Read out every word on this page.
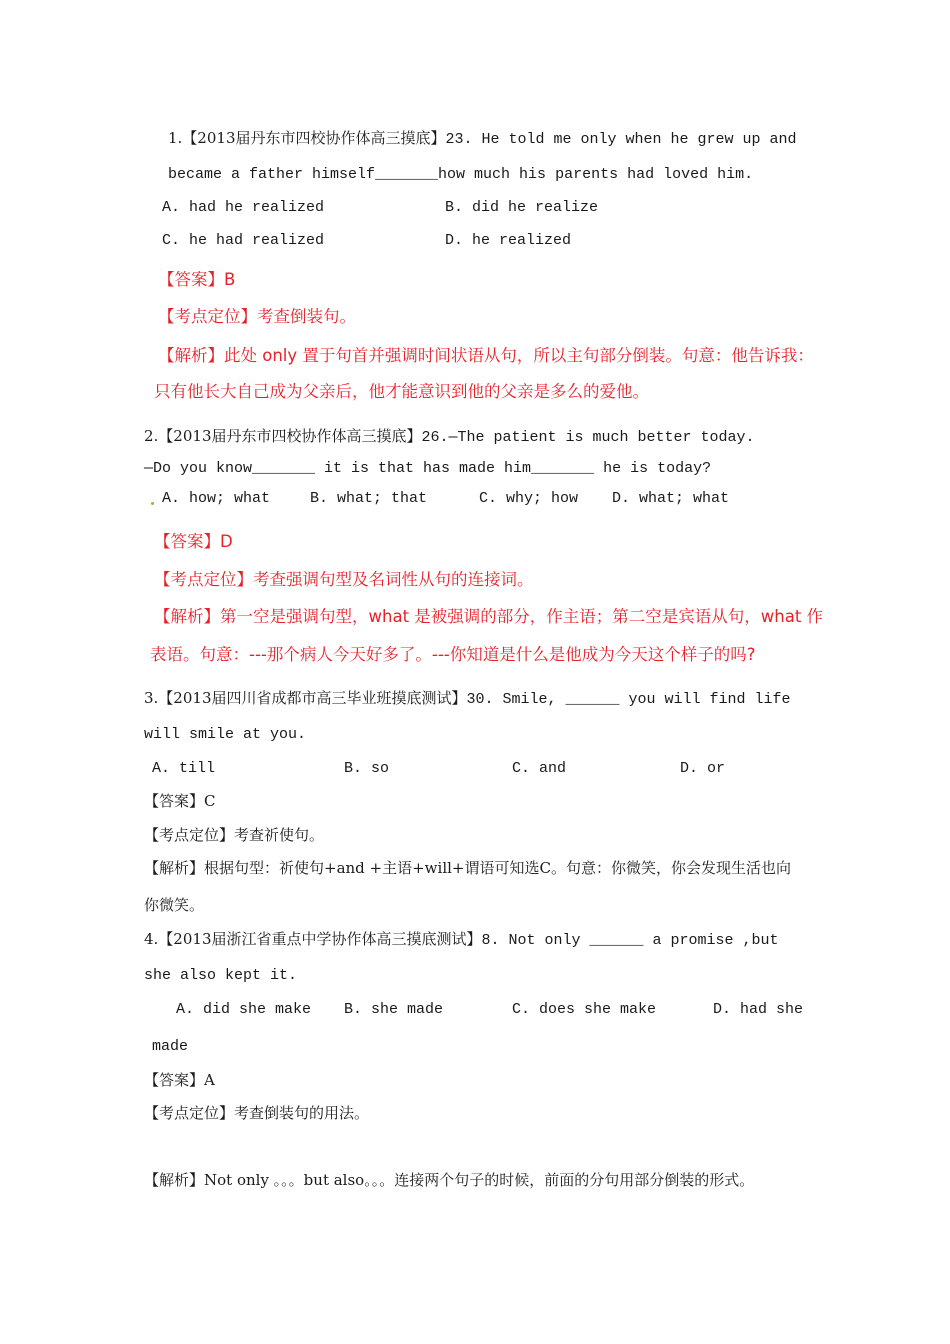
1.【2013届丹东市四校协作体高三摸底】23. He told me only when he grew up and
became a father himself_______how much his parents had loved him.
A. had he realized	B. did he realize
C. he had realized	D. he realized
【答案】B
【考点定位】考查倒装句。
【解析】此处 only 置于句首并强调时间状语从句，所以主句部分倒装。句意：他告诉我：
只有他长大自己成为父亲后，他才能意识到他的父亲是多么的爱他。
2.【2013届丹东市四校协作体高三摸底】26.—The patient is much better today.
—Do you know_______ it is that has made him_______ he is today?
A. how; what	B. what; that	C. why; how D. what; what
【答案】D
【考点定位】考查强调句型及名词性从句的连接词。
【解析】第一空是强调句型，what 是被强调的部分，作主语；第二空是宾语从句，what 作
表语。句意：---那个病人今天好多了。---你知道是什么是他成为今天这个样子的吗?
3.【2013届四川省成都市高三毕业班摸底测试】30. Smile, ______ you will find life
will smile at you.
A. till	B. so	C. and	D. or
【答案】C
【考点定位】考查祈使句。
【解析】根据句型：祈使句+and +主语+will+谓语可知选C。句意：你微笑，你会发现生活也向
你微笑。
4.【2013届浙江省重点中学协作体高三摸底测试】8. Not only ______ a promise ,but
she also kept it.
A. did she make B. she made	C. does she make	D. had she
made
【答案】A
【考点定位】考查倒装句的用法。
【解析】Not only 。。。but also。。。连接两个句子的时候，前面的分句用部分倒装的形式。
